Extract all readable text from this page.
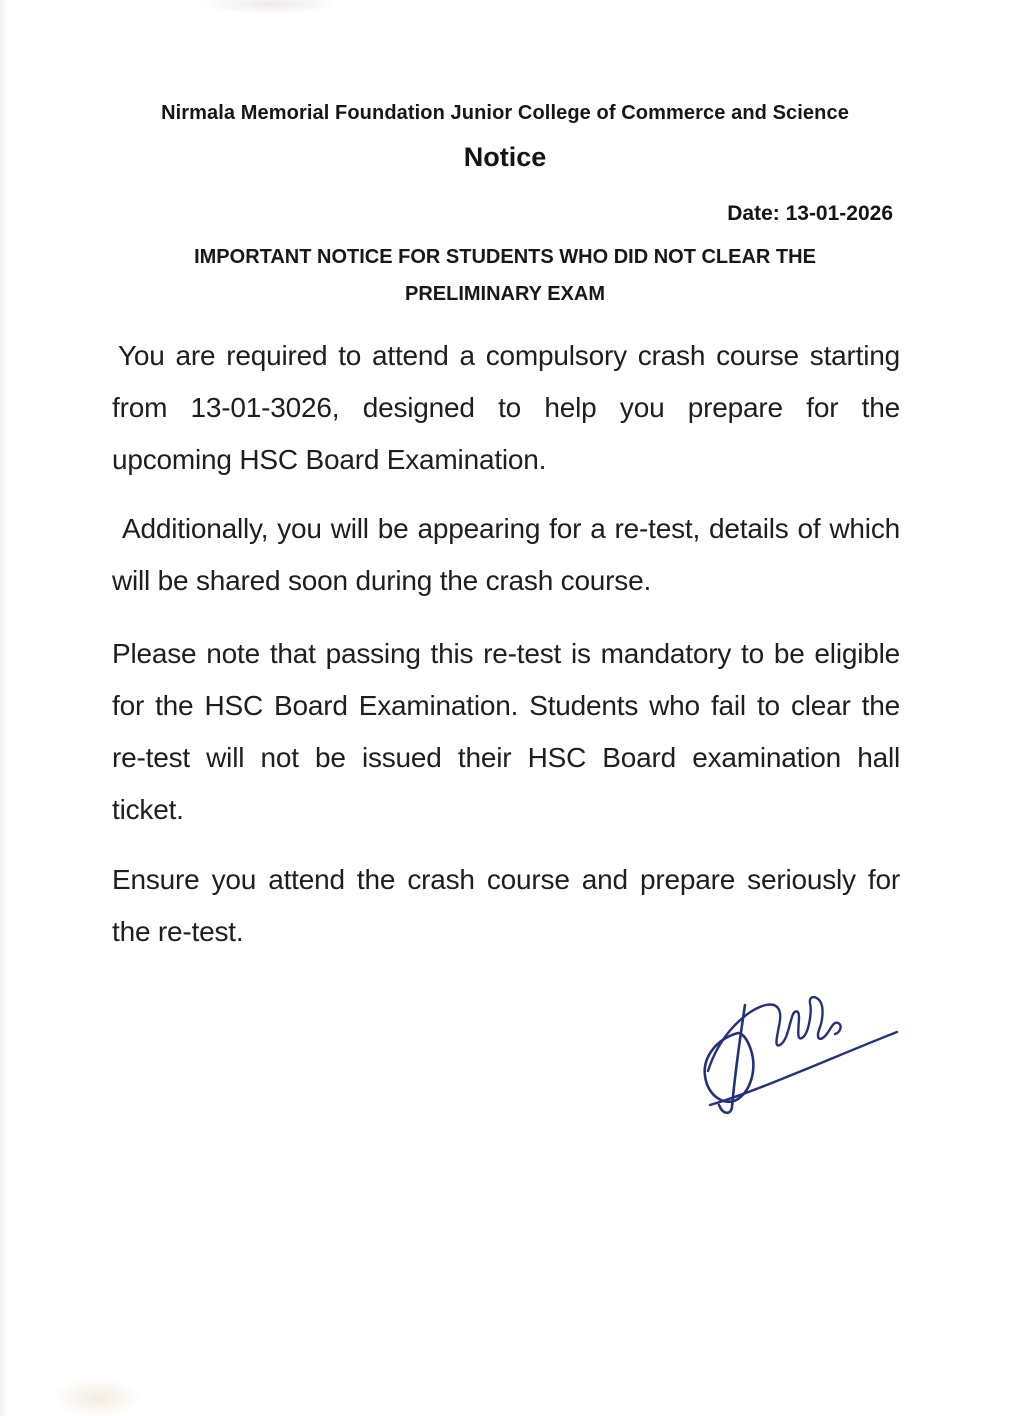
Nirmala Memorial Foundation Junior College of Commerce and Science
Notice
Date: 13-01-2026
IMPORTANT NOTICE FOR STUDENTS WHO DID NOT CLEAR THE
PRELIMINARY EXAM

You are required to attend a compulsory crash course starting from 13-01-3026, designed to help you prepare for the upcoming HSC Board Examination.

Additionally, you will be appearing for a re-test, details of which will be shared soon during the crash course.

Please note that passing this re-test is mandatory to be eligible for the HSC Board Examination. Students who fail to clear the re-test will not be issued their HSC Board examination hall ticket.

Ensure you attend the crash course and prepare seriously for the re-test.
